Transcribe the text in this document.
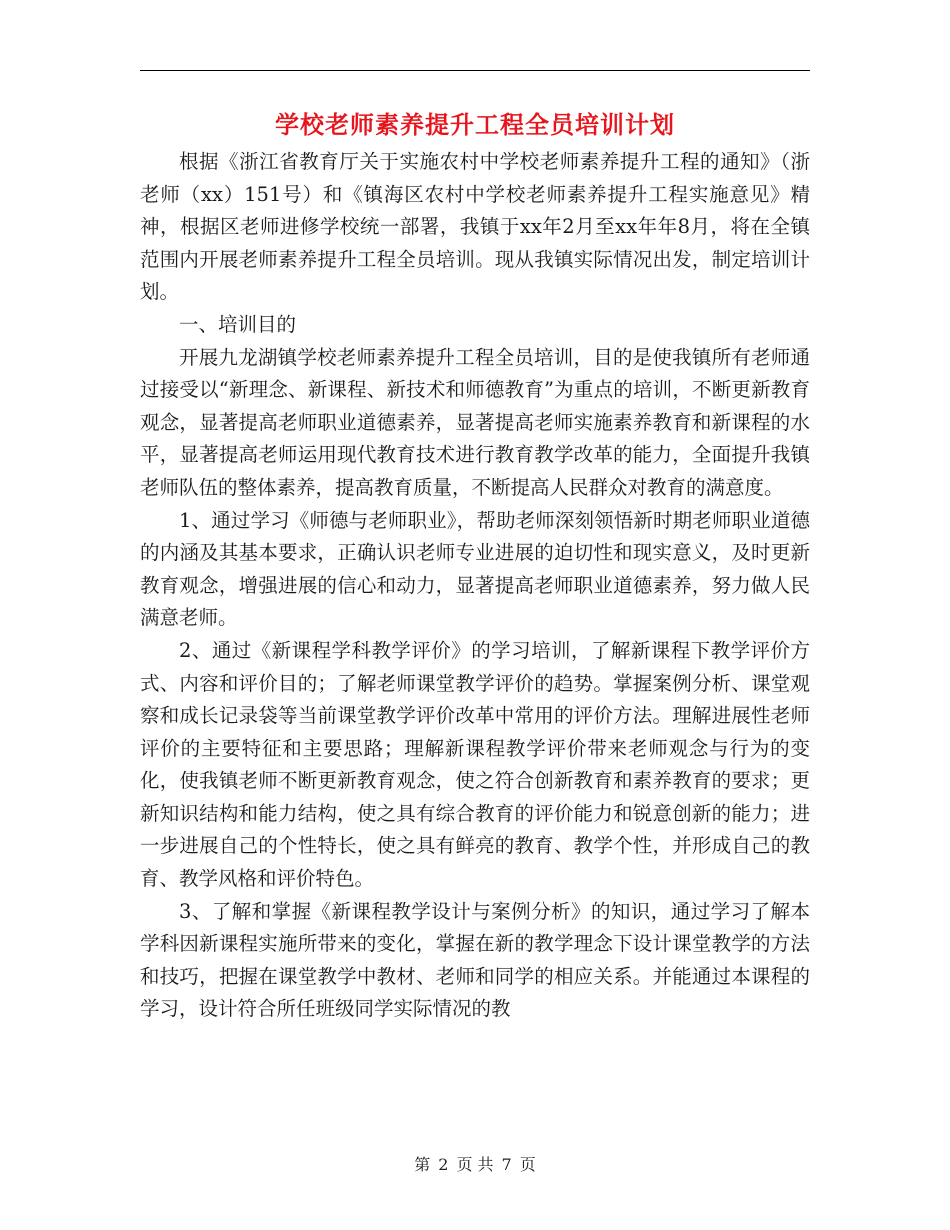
学校老师素养提升工程全员培训计划

根据《浙江省教育厅关于实施农村中学校老师素养提升工程的通知》（浙老师（xx）151号）和《镇海区农村中学校老师素养提升工程实施意见》精神，根据区老师进修学校统一部署，我镇于xx年2月至xx年年8月，将在全镇范围内开展老师素养提升工程全员培训。现从我镇实际情况出发，制定培训计划。

一、培训目的

开展九龙湖镇学校老师素养提升工程全员培训，目的是使我镇所有老师通过接受以“新理念、新课程、新技术和师德教育”为重点的培训，不断更新教育观念，显著提高老师职业道德素养，显著提高老师实施素养教育和新课程的水平，显著提高老师运用现代教育技术进行教育教学改革的能力，全面提升我镇老师队伍的整体素养，提高教育质量，不断提高人民群众对教育的满意度。

1、通过学习《师德与老师职业》，帮助老师深刻领悟新时期老师职业道德的内涵及其基本要求，正确认识老师专业进展的迫切性和现实意义，及时更新教育观念，增强进展的信心和动力，显著提高老师职业道德素养，努力做人民满意老师。

2、通过《新课程学科教学评价》的学习培训，了解新课程下教学评价方式、内容和评价目的；了解老师课堂教学评价的趋势。掌握案例分析、课堂观察和成长记录袋等当前课堂教学评价改革中常用的评价方法。理解进展性老师评价的主要特征和主要思路；理解新课程教学评价带来老师观念与行为的变化，使我镇老师不断更新教育观念，使之符合创新教育和素养教育的要求；更新知识结构和能力结构，使之具有综合教育的评价能力和锐意创新的能力；进一步进展自己的个性特长，使之具有鲜亮的教育、教学个性，并形成自己的教育、教学风格和评价特色。

3、了解和掌握《新课程教学设计与案例分析》的知识，通过学习了解本学科因新课程实施所带来的变化，掌握在新的教学理念下设计课堂教学的方法和技巧，把握在课堂教学中教材、老师和同学的相应关系。并能通过本课程的学习，设计符合所任班级同学实际情况的教

第 2 页 共 7 页
